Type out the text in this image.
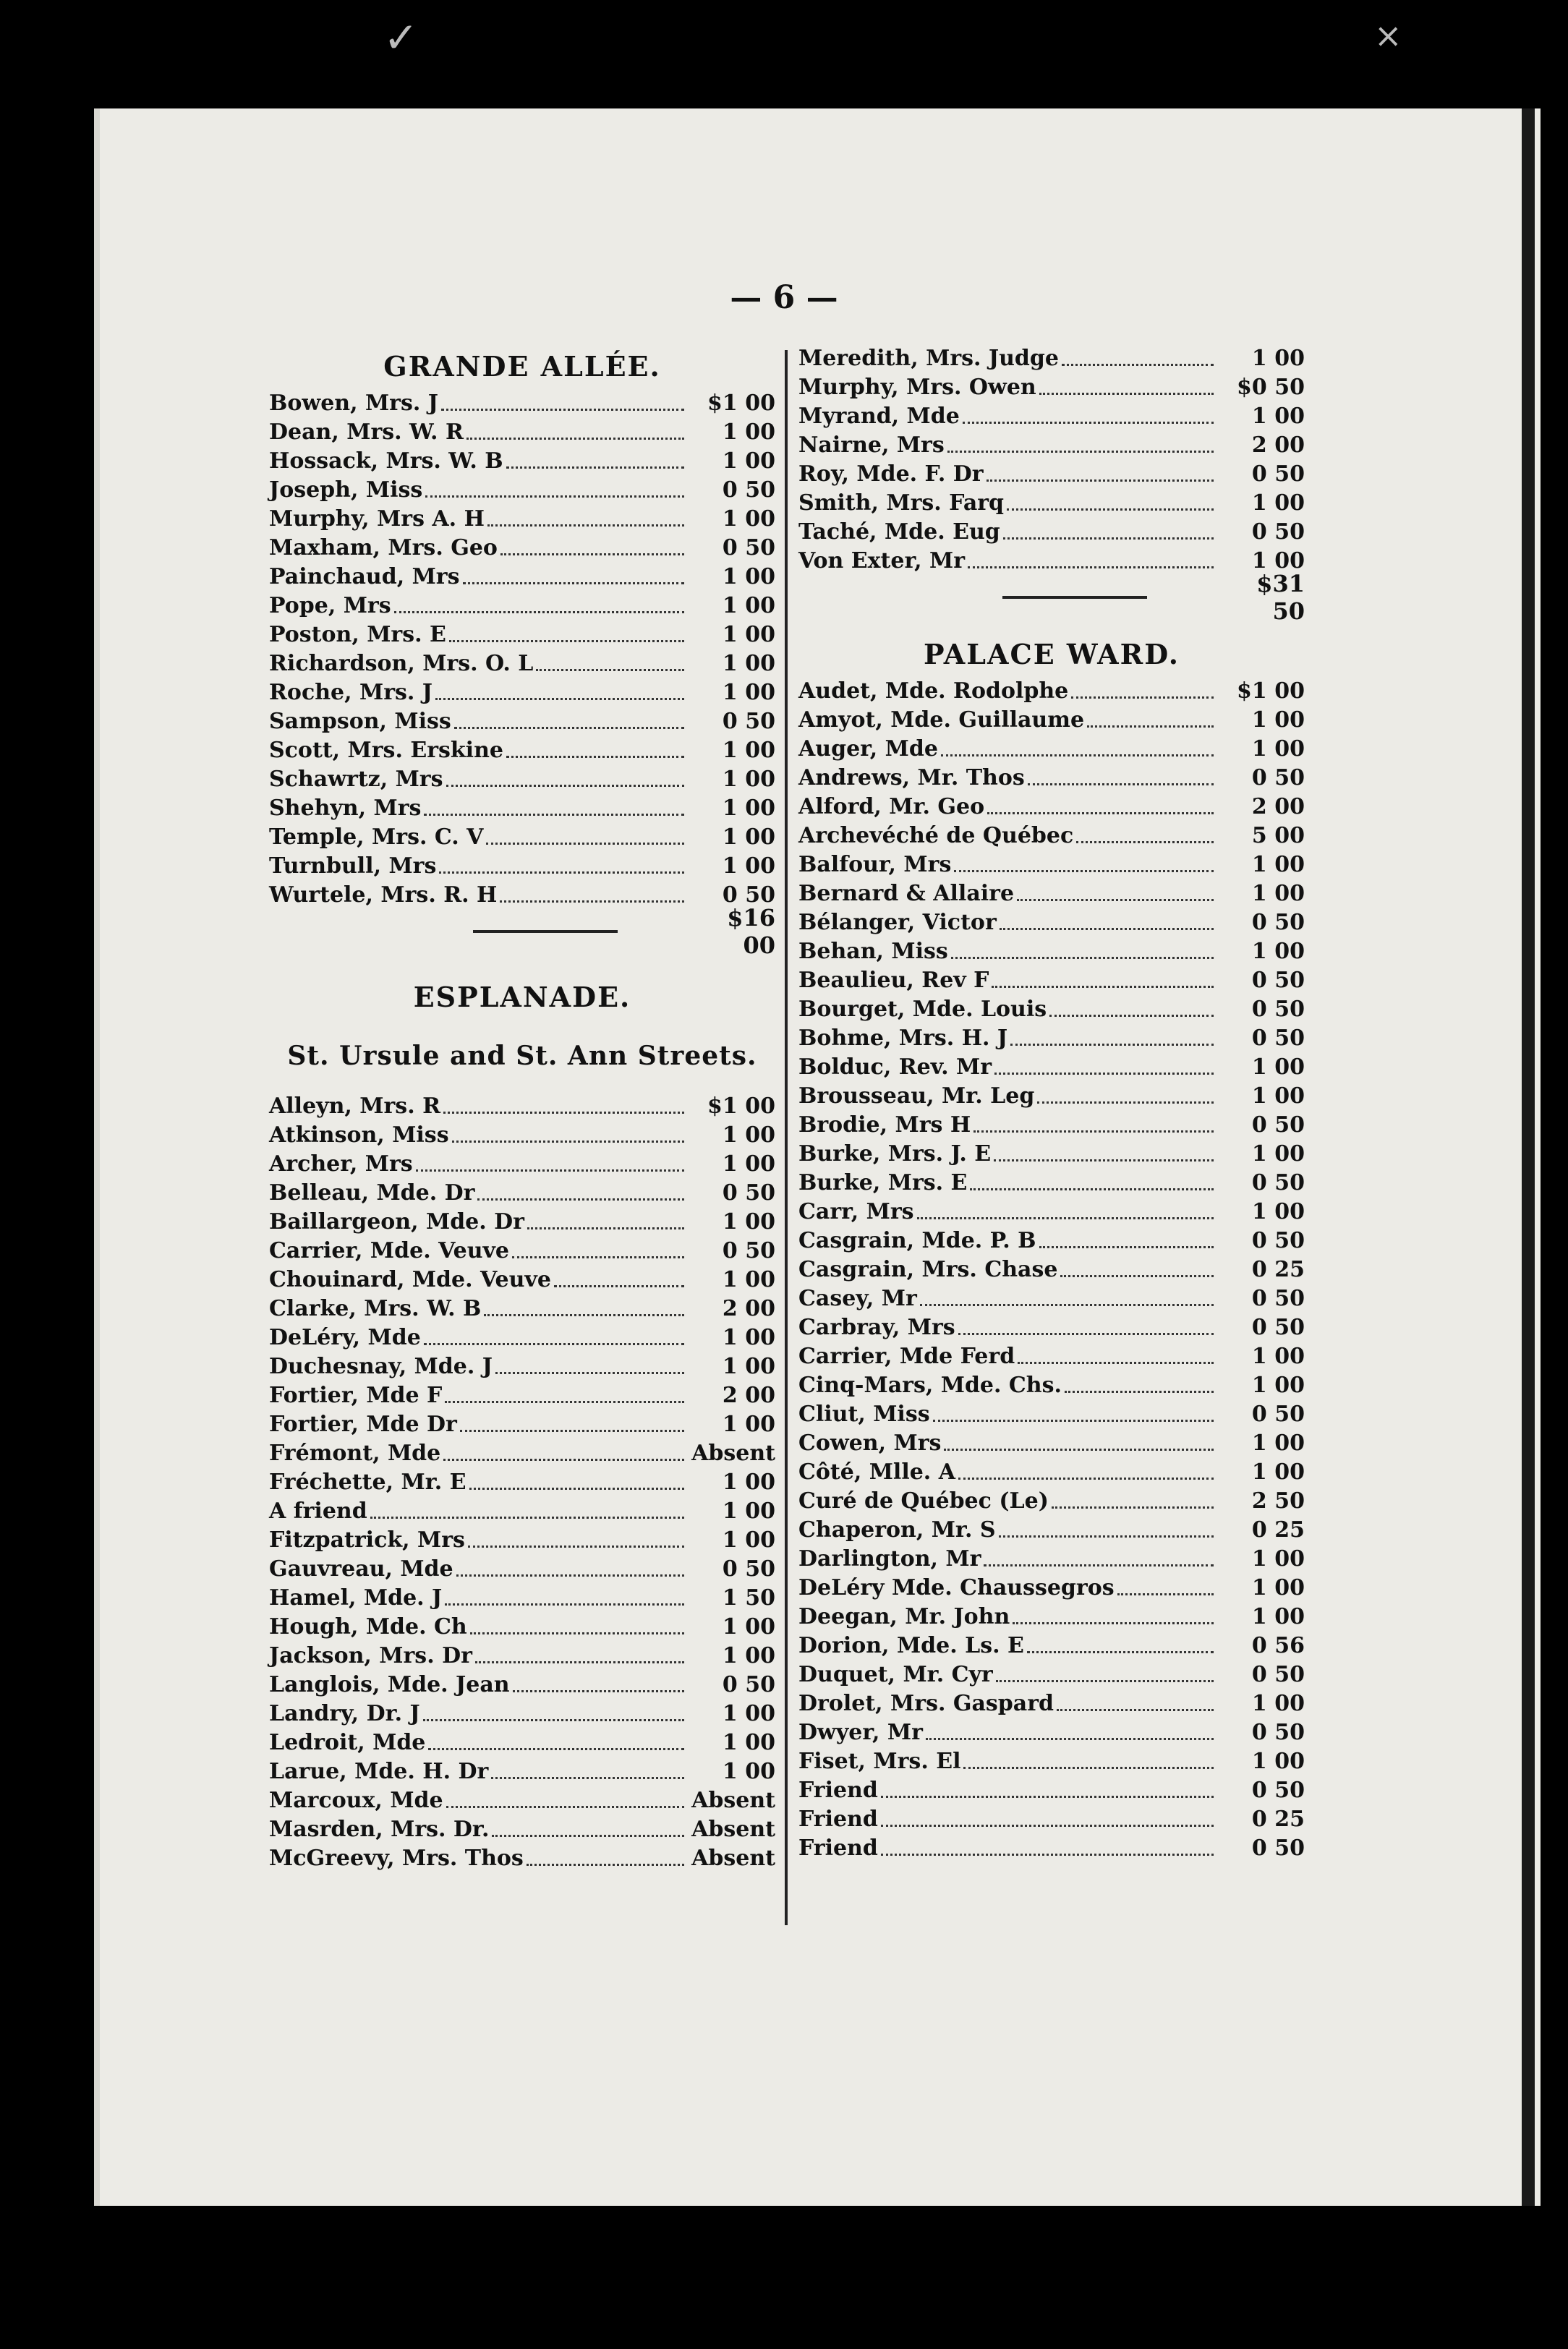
✓	×
— 6 —
GRANDE ALLÉE.
Bowen, Mrs. J	$1 00
Dean, Mrs. W. R	1 00
Hossack, Mrs. W. B	1 00
Joseph, Miss	0 50
Murphy, Mrs A. H	1 00
Maxham, Mrs. Geo	0 50
Painchaud, Mrs	1 00
Pope, Mrs	1 00
Poston, Mrs. E	1 00
Richardson, Mrs. O. L	1 00
Roche, Mrs. J	1 00
Sampson, Miss	0 50
Scott, Mrs. Erskine	1 00
Schawrtz, Mrs	1 00
Shehyn, Mrs	1 00
Temple, Mrs. C. V	1 00
Turnbull, Mrs	1 00
Wurtele, Mrs. R. H	0 50
$16 00
ESPLANADE.
St. Ursule and St. Ann Streets.
Alleyn, Mrs. R	$1 00
Atkinson, Miss	1 00
Archer, Mrs	1 00
Belleau, Mde. Dr	0 50
Baillargeon, Mde. Dr	1 00
Carrier, Mde. Veuve	0 50
Chouinard, Mde. Veuve	1 00
Clarke, Mrs. W. B	2 00
DeLéry, Mde	1 00
Duchesnay, Mde. J	1 00
Fortier, Mde F	2 00
Fortier, Mde Dr	1 00
Frémont, Mde	Absent
Fréchette, Mr. E	1 00
A friend	1 00
Fitzpatrick, Mrs	1 00
Gauvreau, Mde	0 50
Hamel, Mde. J	1 50
Hough, Mde. Ch	1 00
Jackson, Mrs. Dr	1 00
Langlois, Mde. Jean	0 50
Landry, Dr. J	1 00
Ledroit, Mde	1 00
Larue, Mde. H. Dr	1 00
Marcoux, Mde	Absent
Masrden, Mrs. Dr.	Absent
McGreevy, Mrs. Thos	Absent
Meredith, Mrs. Judge	1 00
Murphy, Mrs. Owen	$0 50
Myrand, Mde	1 00
Nairne, Mrs	2 00
Roy, Mde. F. Dr	0 50
Smith, Mrs. Farq	1 00
Taché, Mde. Eug	0 50
Von Exter, Mr	1 00
$31 50
PALACE WARD.
Audet, Mde. Rodolphe	$1 00
Amyot, Mde. Guillaume	1 00
Auger, Mde	1 00
Andrews, Mr. Thos	0 50
Alford, Mr. Geo	2 00
Archevéché de Québec	5 00
Balfour, Mrs	1 00
Bernard & Allaire	1 00
Bélanger, Victor	0 50
Behan, Miss	1 00
Beaulieu, Rev F	0 50
Bourget, Mde. Louis	0 50
Bohme, Mrs. H. J	0 50
Bolduc, Rev. Mr	1 00
Brousseau, Mr. Leg	1 00
Brodie, Mrs H	0 50
Burke, Mrs. J. E	1 00
Burke, Mrs. E	0 50
Carr, Mrs	1 00
Casgrain, Mde. P. B	0 50
Casgrain, Mrs. Chase	0 25
Casey, Mr	0 50
Carbray, Mrs	0 50
Carrier, Mde Ferd	1 00
Cinq-Mars, Mde. Chs.	1 00
Cliut, Miss	0 50
Cowen, Mrs	1 00
Côté, Mlle. A	1 00
Curé de Québec (Le)	2 50
Chaperon, Mr. S	0 25
Darlington, Mr	1 00
DeLéry Mde. Chaussegros	1 00
Deegan, Mr. John	1 00
Dorion, Mde. Ls. E	0 56
Duquet, Mr. Cyr	0 50
Drolet, Mrs. Gaspard	1 00
Dwyer, Mr	0 50
Fiset, Mrs. El	1 00
Friend	0 50
Friend	0 25
Friend	0 50
